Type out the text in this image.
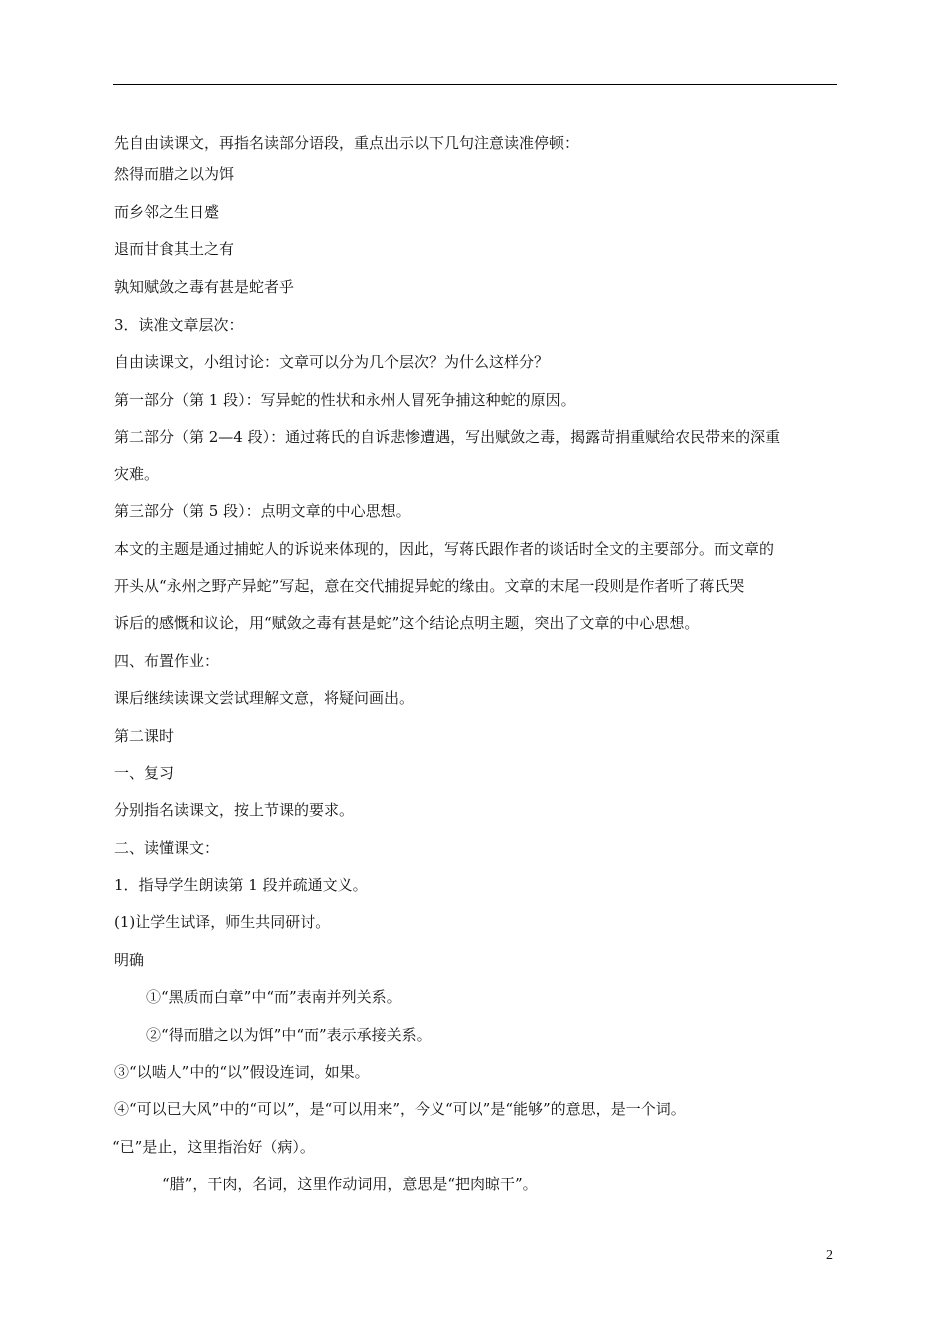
先自由读课文，再指名读部分语段，重点出示以下几句注意读准停顿：
然得而腊之以为饵
而乡邻之生日蹙
退而甘食其土之有
孰知赋敛之毒有甚是蛇者乎
3．读准文章层次：
自由读课文，小组讨论：文章可以分为几个层次？为什么这样分？
第一部分（第 1 段）：写异蛇的性状和永州人冒死争捕这种蛇的原因。
第二部分（第 2—4 段）：通过蒋氏的自诉悲惨遭遇，写出赋敛之毒，揭露苛捐重赋给农民带来的深重
灾难。
第三部分（第 5 段）：点明文章的中心思想。
本文的主题是通过捕蛇人的诉说来体现的，因此，写蒋氏跟作者的谈话时全文的主要部分。而文章的
开头从“永州之野产异蛇”写起，意在交代捕捉异蛇的缘由。文章的末尾一段则是作者听了蒋氏哭
诉后的感慨和议论，用“赋敛之毒有甚是蛇”这个结论点明主题，突出了文章的中心思想。
四、布置作业：
课后继续读课文尝试理解文意，将疑问画出。
第二课时
一、复习
分别指名读课文，按上节课的要求。
二、读懂课文：
1．指导学生朗读第 1 段并疏通文义。
(1)让学生试译，师生共同研讨。
明确
①“黑质而白章”中“而”表南并列关系。
②“得而腊之以为饵”中“而”表示承接关系。
③“以啮人”中的“以”假设连词，如果。
④“可以已大风”中的“可以”，是“可以用来”，今义“可以”是“能够”的意思，是一个词。
“已”是止，这里指治好（病）。
“腊”，干肉，名词，这里作动词用，意思是“把肉晾干”。
2
